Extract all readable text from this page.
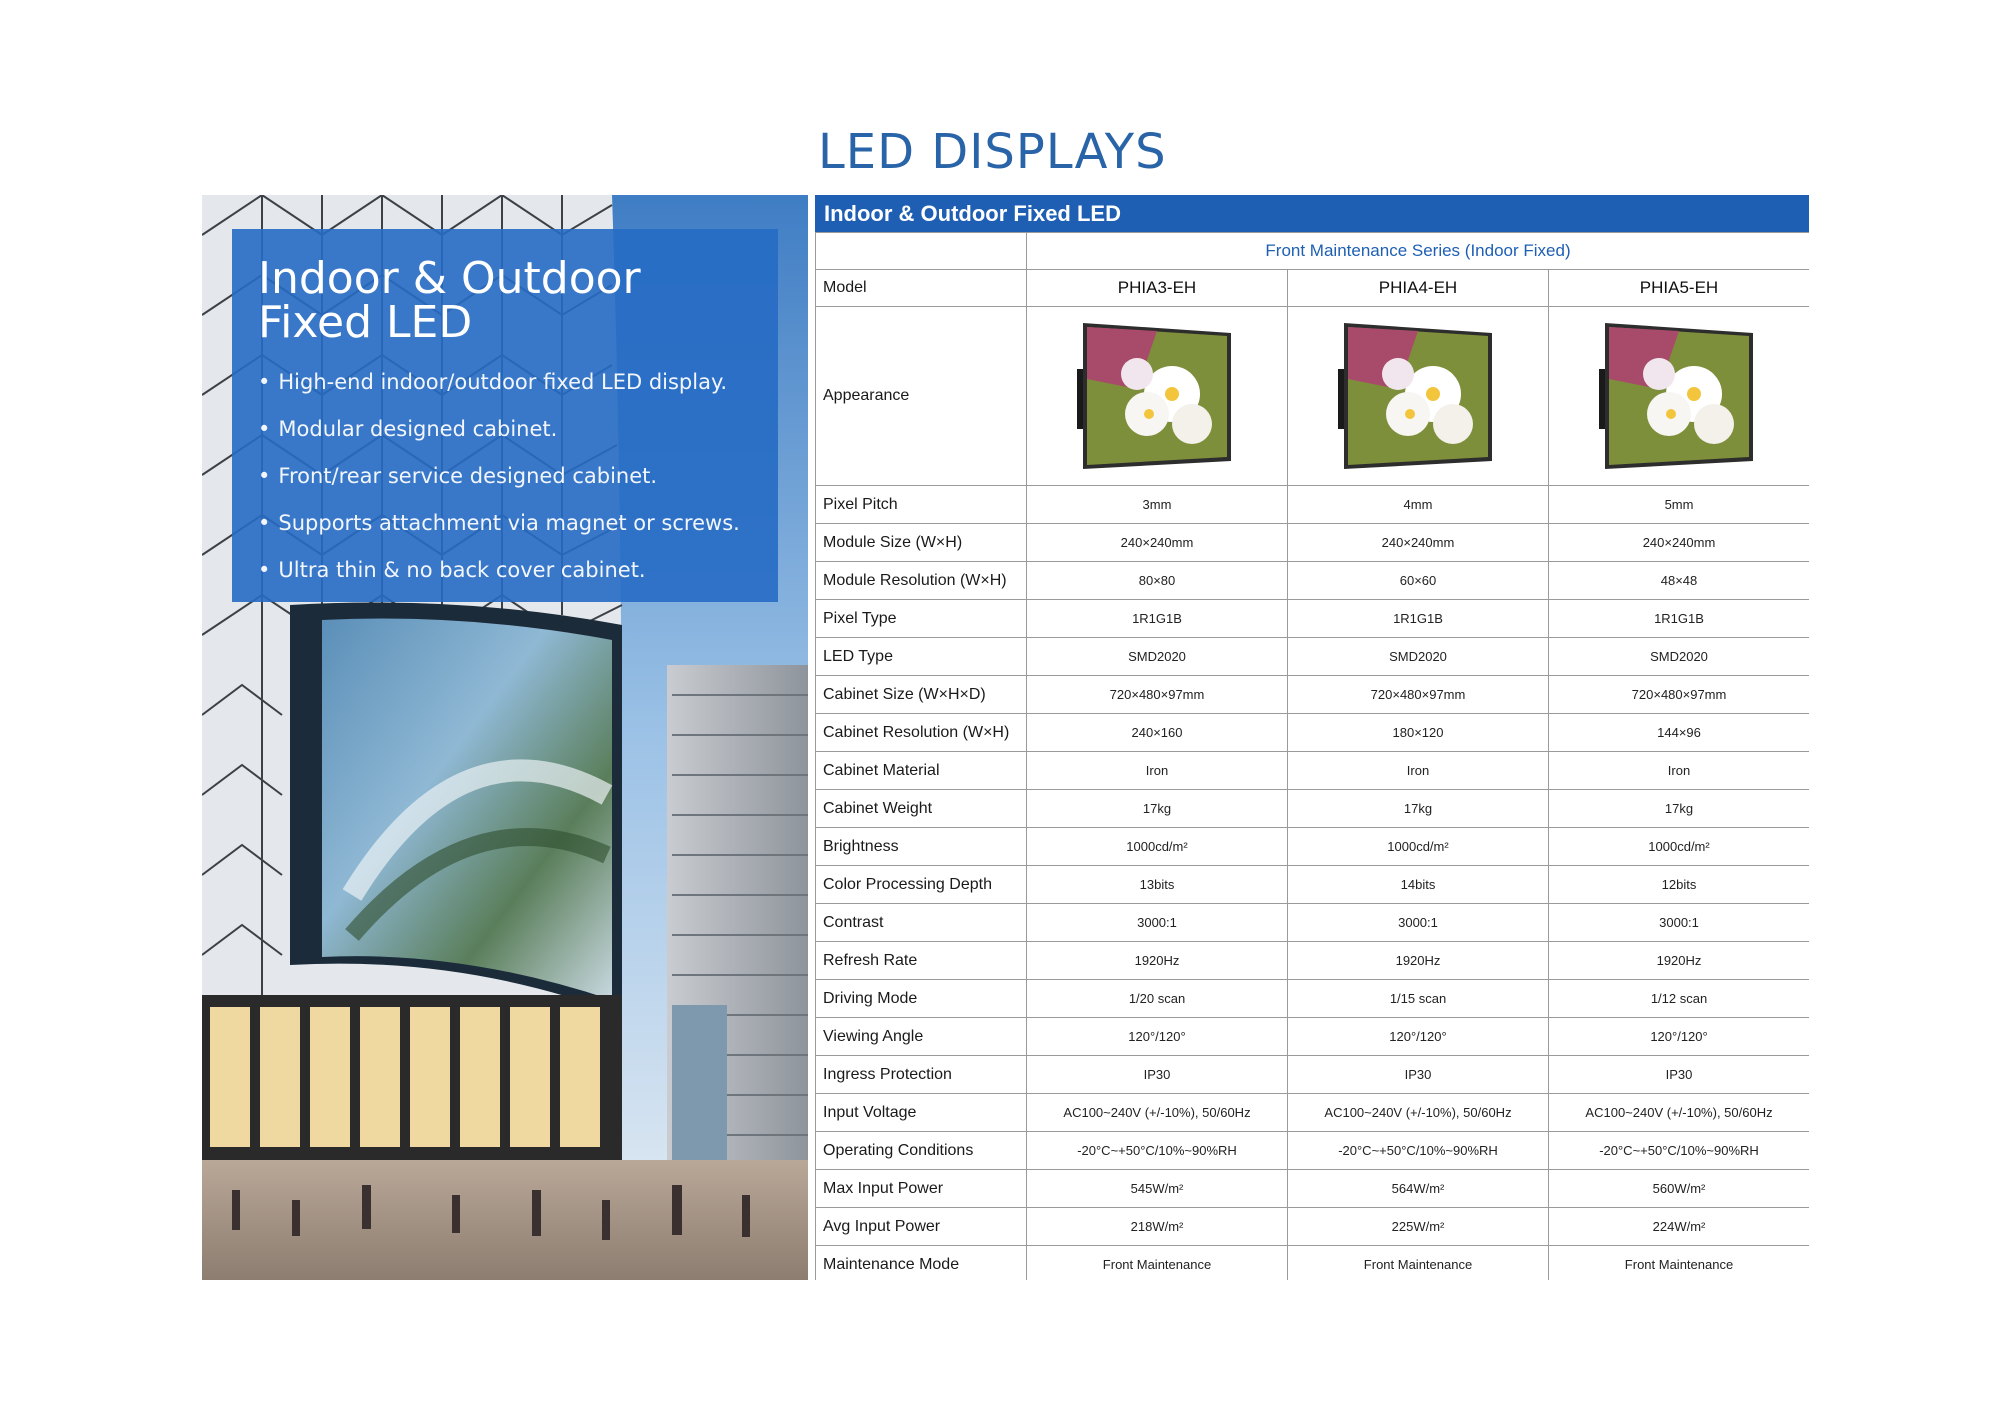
LED DISPLAYS
Indoor & Outdoor
Fixed LED
• High-end indoor/outdoor fixed LED display.
• Modular designed cabinet.
• Front/rear service designed cabinet.
• Supports attachment via magnet or screws.
• Ultra thin & no back cover cabinet.
Indoor & Outdoor Fixed LED
	Front Maintenance Series (Indoor Fixed)		
Model	PHIA3-EH	PHIA4-EH	PHIA5-EH
Appearance			
Pixel Pitch	3mm	4mm	5mm
Module Size (W×H)	240×240mm	240×240mm	240×240mm
Module Resolution (W×H)	80×80	60×60	48×48
Pixel Type	1R1G1B	1R1G1B	1R1G1B
LED Type	SMD2020	SMD2020	SMD2020
Cabinet Size (W×H×D)	720×480×97mm	720×480×97mm	720×480×97mm
Cabinet Resolution (W×H)	240×160	180×120	144×96
Cabinet Material	Iron	Iron	Iron
Cabinet Weight	17kg	17kg	17kg
Brightness	1000cd/m²	1000cd/m²	1000cd/m²
Color Processing Depth	13bits	14bits	12bits
Contrast	3000:1	3000:1	3000:1
Refresh Rate	1920Hz	1920Hz	1920Hz
Driving Mode	1/20 scan	1/15 scan	1/12 scan
Viewing Angle	120°/120°	120°/120°	120°/120°
Ingress Protection	IP30	IP30	IP30
Input Voltage	AC100~240V (+/-10%), 50/60Hz	AC100~240V (+/-10%), 50/60Hz	AC100~240V (+/-10%), 50/60Hz
Operating Conditions	-20°C~+50°C/10%~90%RH	-20°C~+50°C/10%~90%RH	-20°C~+50°C/10%~90%RH
Max Input Power	545W/m²	564W/m²	560W/m²
Avg Input Power	218W/m²	225W/m²	224W/m²
Maintenance Mode	Front Maintenance	Front Maintenance	Front Maintenance
